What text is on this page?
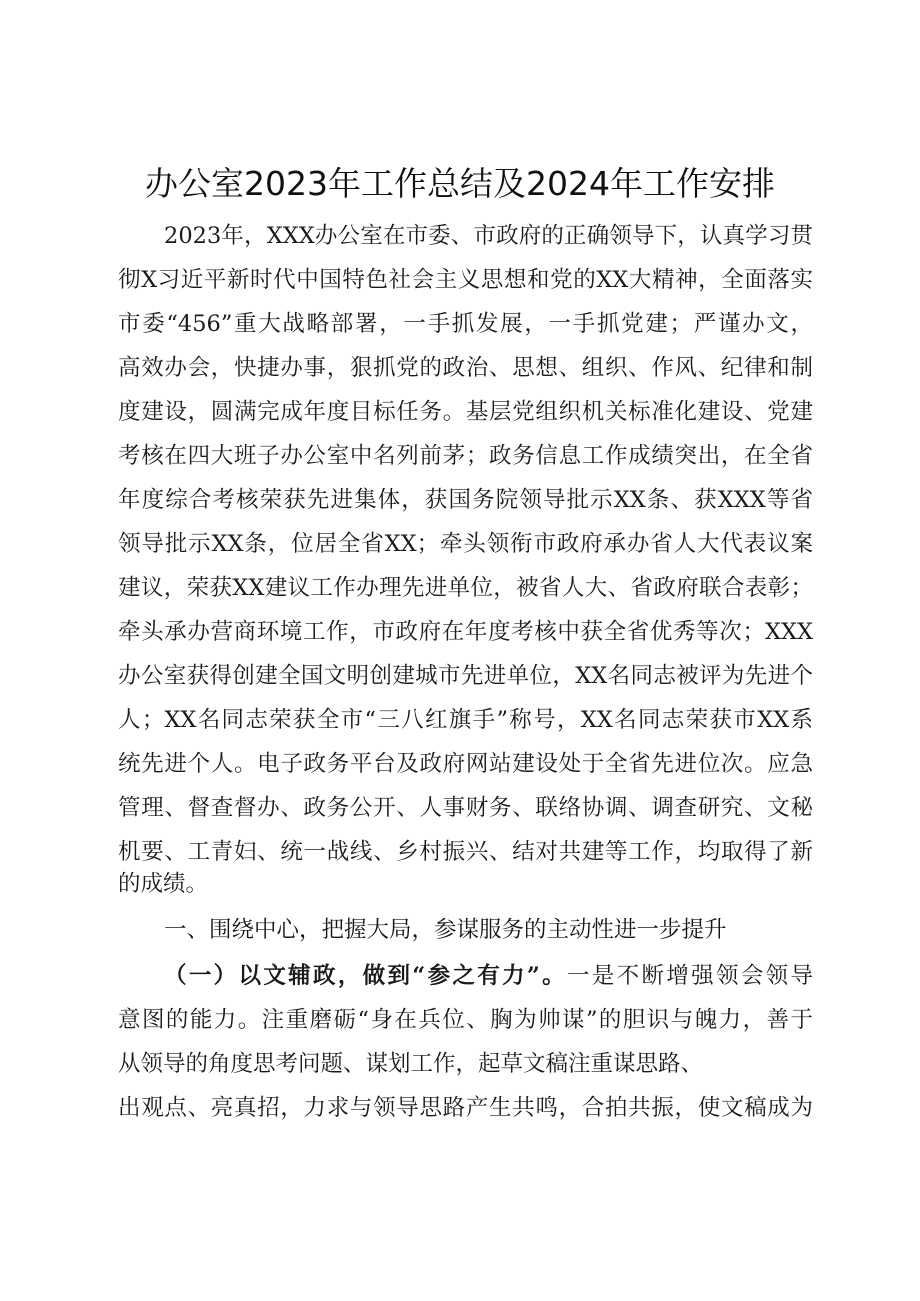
办公室2023年工作总结及2024年工作安排
2023年，XXX办公室在市委、市政府的正确领导下，认真学习贯
彻X习近平新时代中国特色社会主义思想和党的XX大精神，全面落实
市委“456”重大战略部署，一手抓发展，一手抓党建；严谨办文，
高效办会，快捷办事，狠抓党的政治、思想、组织、作风、纪律和制
度建设，圆满完成年度目标任务。基层党组织机关标准化建设、党建
考核在四大班子办公室中名列前茅；政务信息工作成绩突出，在全省
年度综合考核荣获先进集体，获国务院领导批示XX条、获XXX等省
领导批示XX条，位居全省XX；牵头领衔市政府承办省人大代表议案
建议，荣获XX建议工作办理先进单位，被省人大、省政府联合表彰；
牵头承办营商环境工作，市政府在年度考核中获全省优秀等次；XXX
办公室获得创建全国文明创建城市先进单位，XX名同志被评为先进个
人；XX名同志荣获全市“三八红旗手”称号，XX名同志荣获市XX系
统先进个人。电子政务平台及政府网站建设处于全省先进位次。应急
管理、督查督办、政务公开、人事财务、联络协调、调查研究、文秘
机要、工青妇、统一战线、乡村振兴、结对共建等工作，均取得了新
的成绩。
一、围绕中心，把握大局，参谋服务的主动性进一步提升
（一）以文辅政，做到“参之有力”。一是不断增强领会领导
意图的能力。注重磨砺“身在兵位、胸为帅谋”的胆识与魄力，善于
从领导的角度思考问题、谋划工作，起草文稿注重谋思路、
出观点、亮真招，力求与领导思路产生共鸣，合拍共振，使文稿成为
